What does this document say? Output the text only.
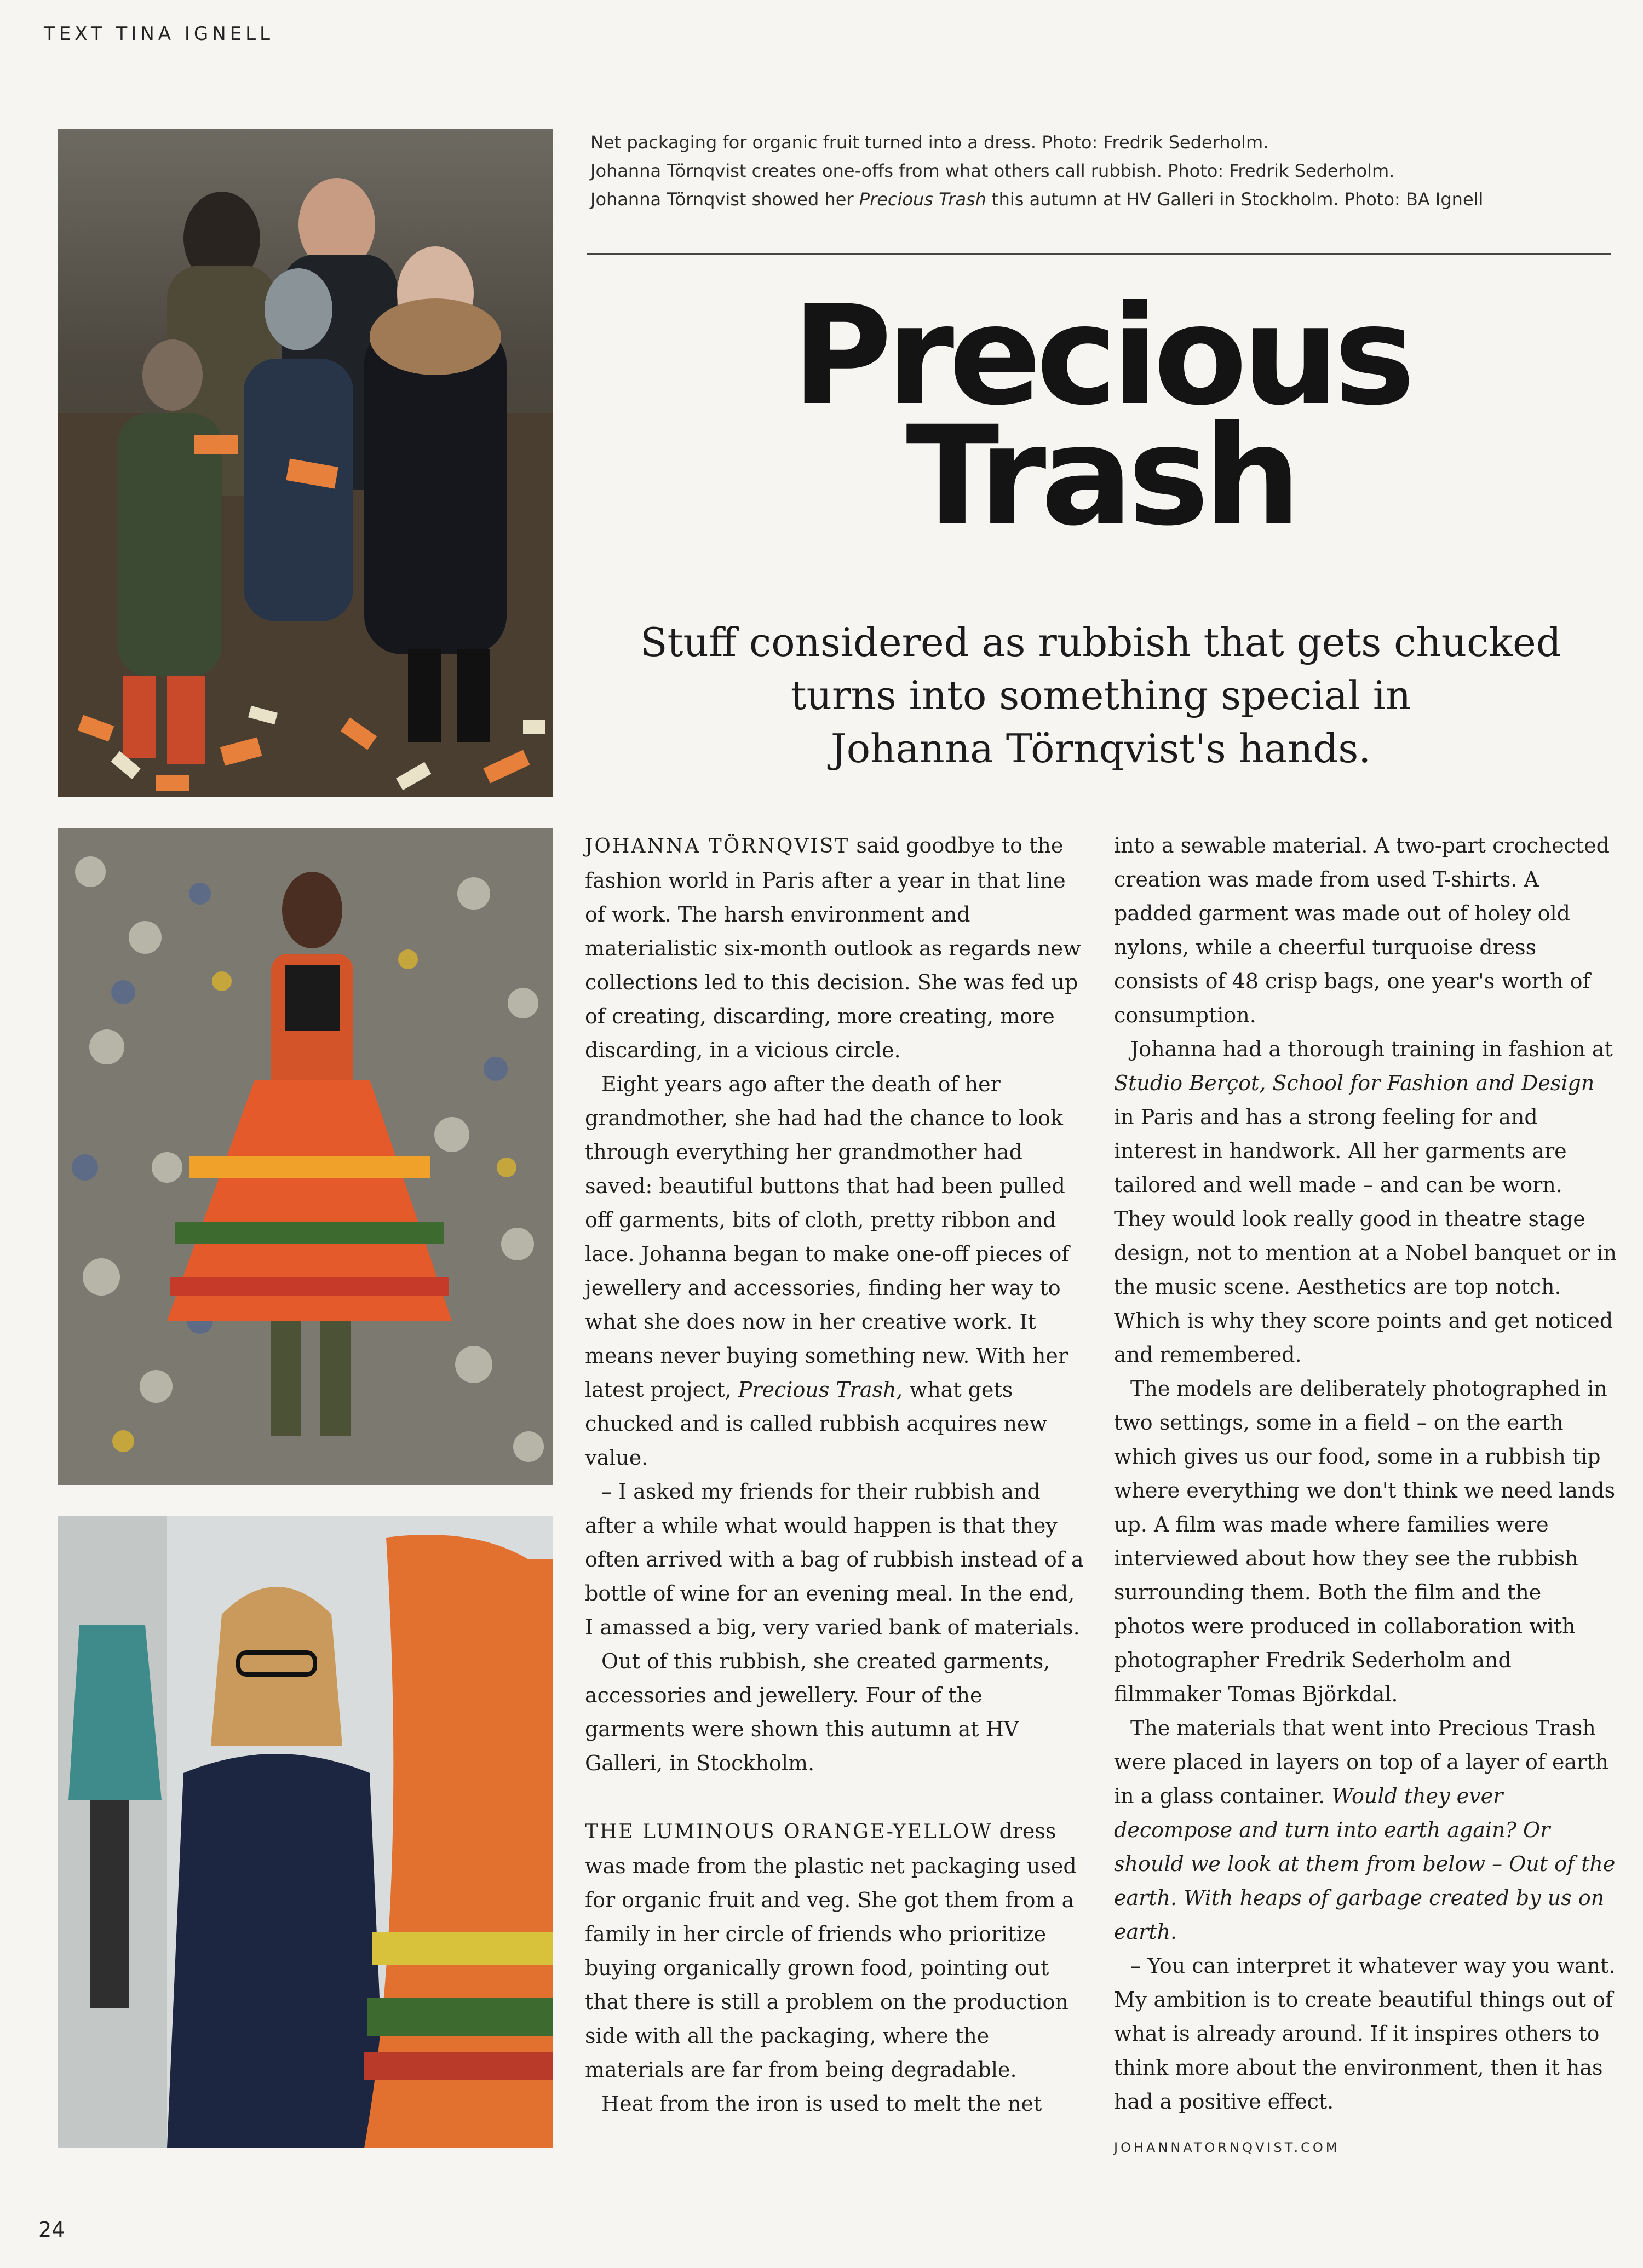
TEXT TINA IGNELL
Net packaging for organic fruit turned into a dress. Photo: Fredrik Sederholm.
Johanna Törnqvist creates one-offs from what others call rubbish. Photo: Fredrik Sederholm.
Johanna Törnqvist showed her Precious Trash this autumn at HV Galleri in Stockholm. Photo: BA Ignell
Precious
Trash
Stuff considered as rubbish that gets chucked
turns into something special in
Johanna Törnqvist's hands.

JOHANNA TÖRNQVIST said goodbye to the fashion world in Paris after a year in that line of work. The harsh environment and materialistic six-month outlook as regards new collections led to this decision. She was fed up of creating, discarding, more creating, more discarding, in a vicious circle.

Eight years ago after the death of her grandmother, she had had the chance to look through everything her grandmother had saved: beautiful buttons that had been pulled off garments, bits of cloth, pretty ribbon and lace. Johanna began to make one-off pieces of jewellery and accessories, finding her way to what she does now in her creative work. It means never buying something new. With her latest project, Precious Trash, what gets chucked and is called rubbish acquires new value.

– I asked my friends for their rubbish and after a while what would happen is that they often arrived with a bag of rubbish instead of a bottle of wine for an evening meal. In the end, I amassed a big, very varied bank of materials.

Out of this rubbish, she created garments, accessories and jewellery. Four of the garments were shown this autumn at HV Galleri, in Stockholm.

THE LUMINOUS ORANGE-YELLOW dress was made from the plastic net packaging used for organic fruit and veg. She got them from a family in her circle of friends who prioritize buying organically grown food, pointing out that there is still a problem on the production side with all the packaging, where the materials are far from being degradable.

Heat from the iron is used to melt the net

into a sewable material. A two-part crochected creation was made from used T-shirts. A padded garment was made out of holey old nylons, while a cheerful turquoise dress consists of 48 crisp bags, one year's worth of consumption.

Johanna had a thorough training in fashion at Studio Berçot, School for Fashion and Design in Paris and has a strong feeling for and interest in handwork. All her garments are tailored and well made – and can be worn. They would look really good in theatre stage design, not to mention at a Nobel banquet or in the music scene. Aesthetics are top notch. Which is why they score points and get noticed and remembered.

The models are deliberately photographed in two settings, some in a field – on the earth which gives us our food, some in a rubbish tip where everything we don't think we need lands up. A film was made where families were interviewed about how they see the rubbish surrounding them. Both the film and the photos were produced in collaboration with photographer Fredrik Sederholm and filmmaker Tomas Björkdal.

The materials that went into Precious Trash were placed in layers on top of a layer of earth in a glass container. Would they ever decompose and turn into earth again? Or should we look at them from below – Out of the earth. With heaps of garbage created by us on earth.

– You can interpret it whatever way you want. My ambition is to create beautiful things out of what is already around. If it inspires others to think more about the environment, then it has had a positive effect.

JOHANNATORNQVIST.COM
24
